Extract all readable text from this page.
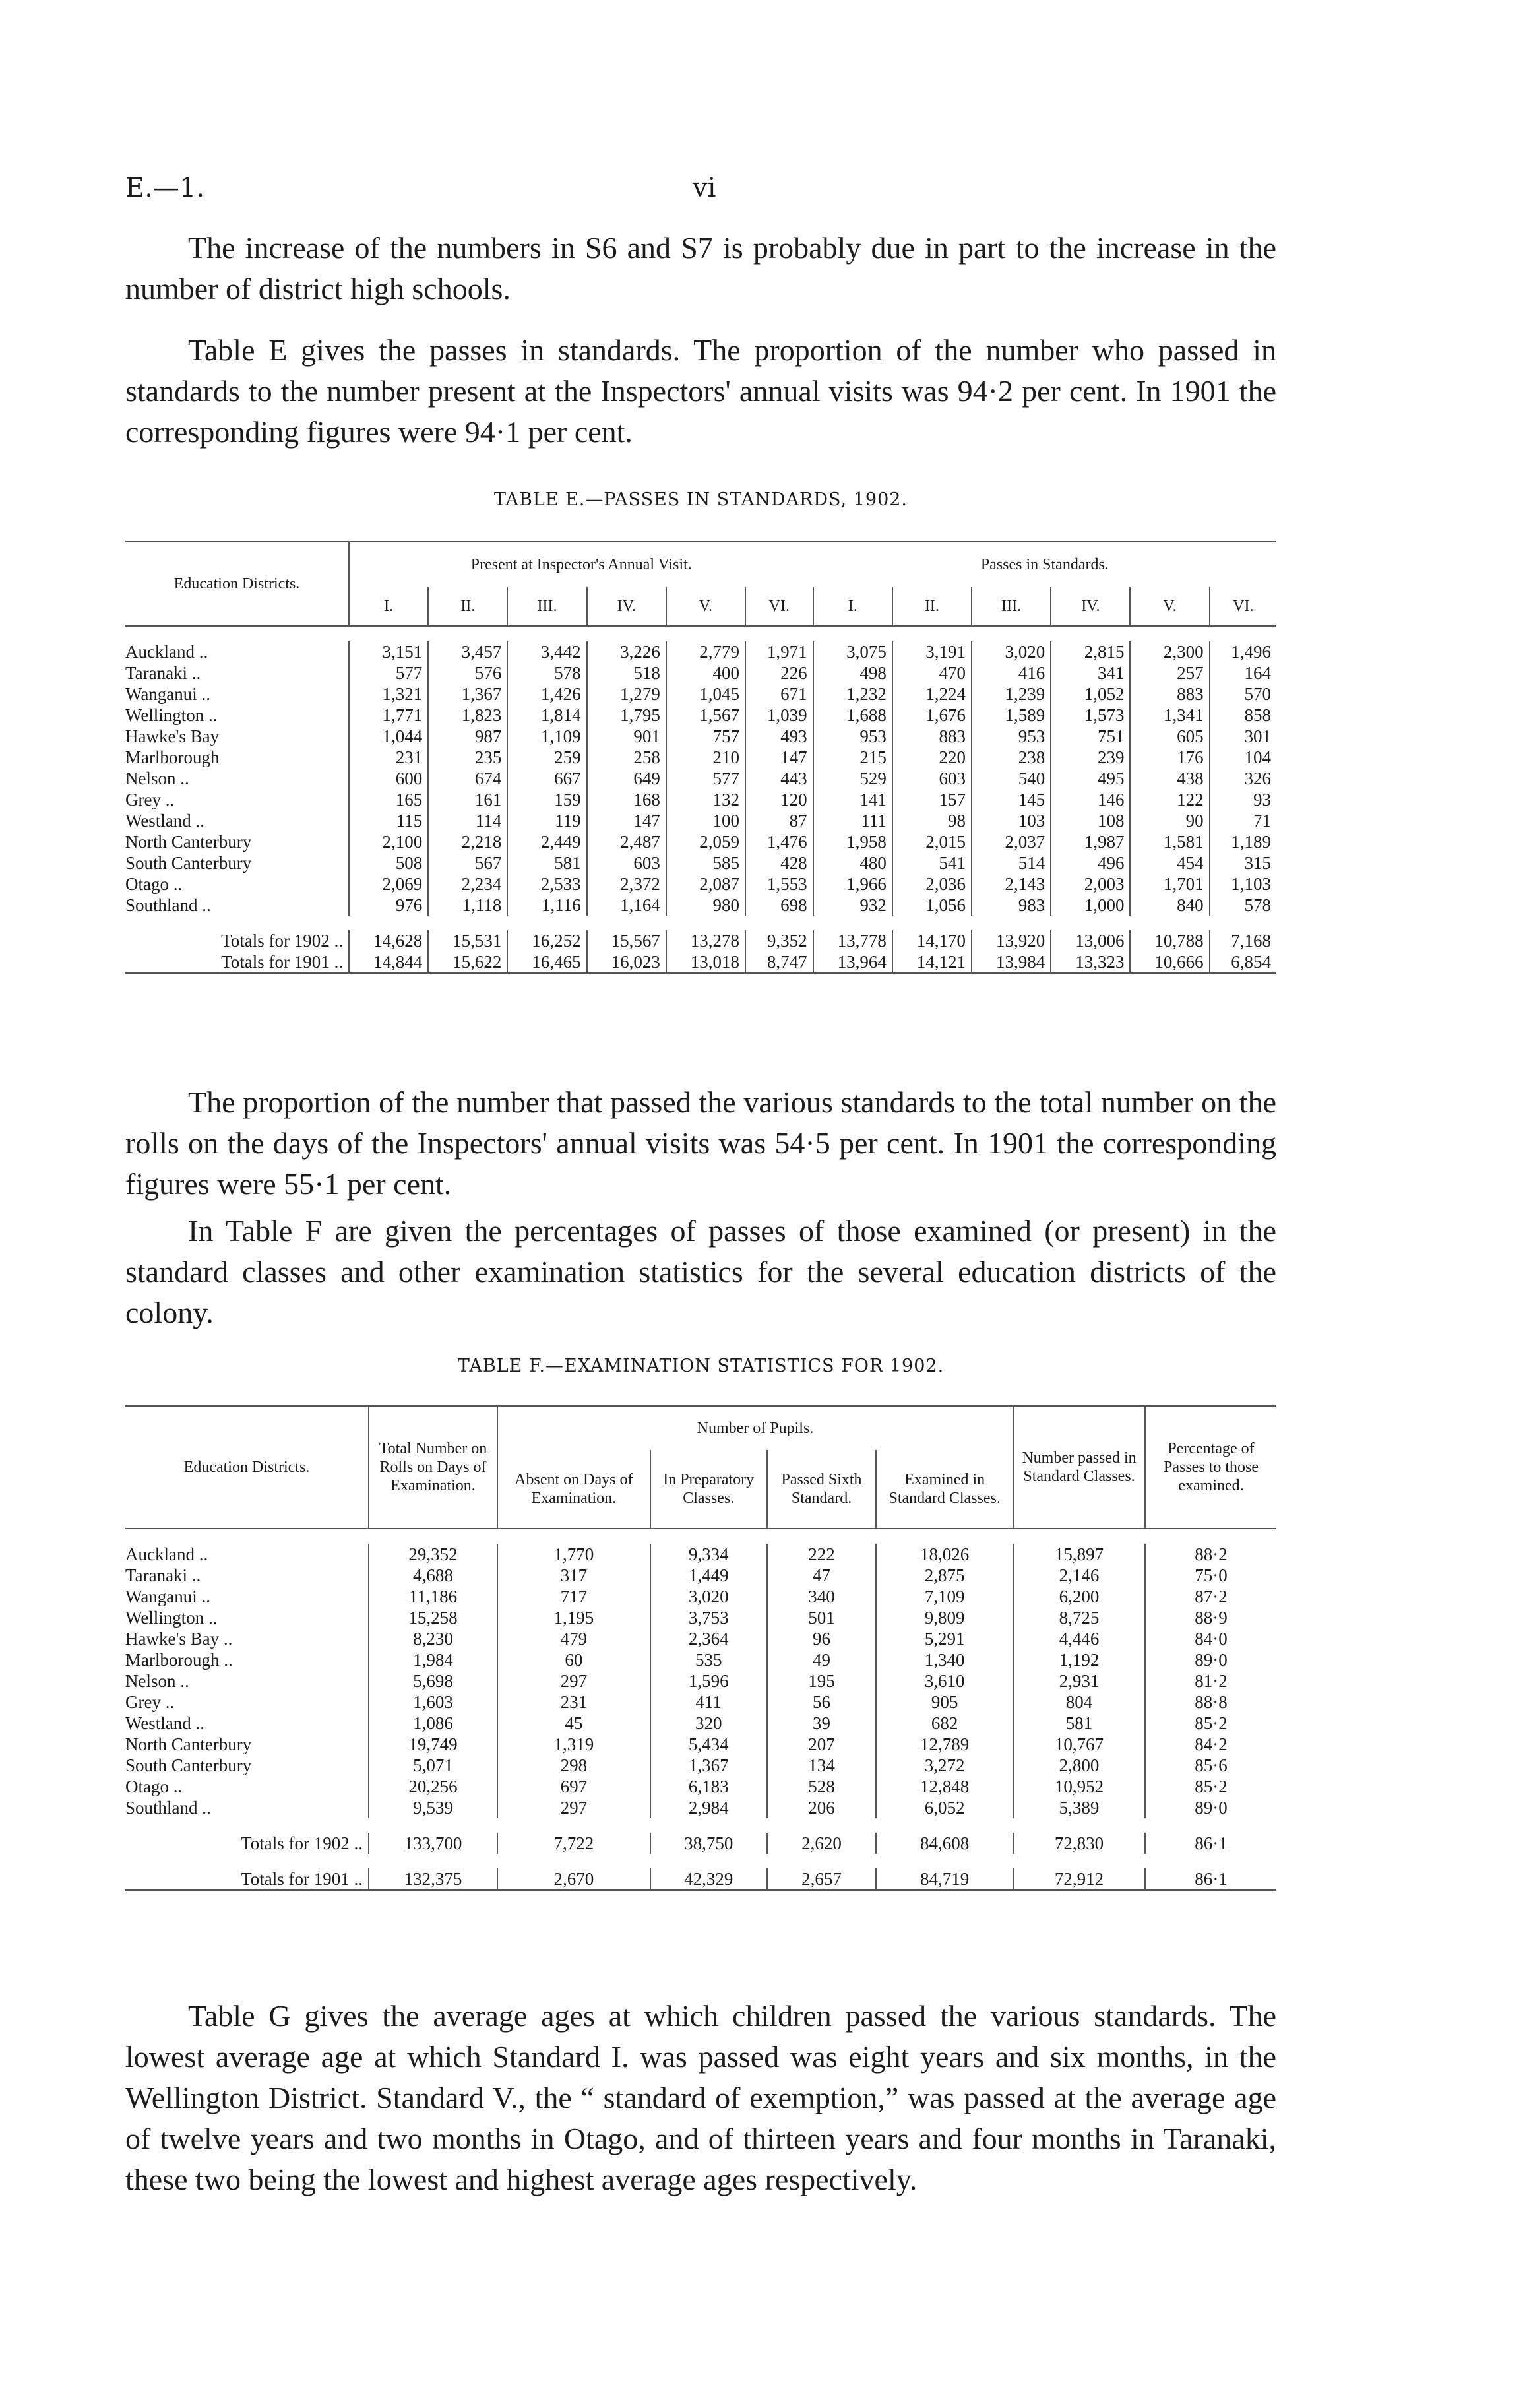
E.—1.	vi
The increase of the numbers in S6 and S7 is probably due in part to the increase in the number of district high schools.
Table E gives the passes in standards. The proportion of the number who passed in standards to the number present at the Inspectors' annual visits was 94·2 per cent. In 1901 the corresponding figures were 94·1 per cent.
TABLE E.—PASSES IN STANDARDS, 1902.
Education Districts.	Present at Inspector's Annual Visit.						Passes in Standards.					
	I.	II.	III.	IV.	V.	VI.	I.	II.	III.	IV.	V.	VI.

Auckland ..	3,151	3,457	3,442	3,226	2,779	1,971	3,075	3,191	3,020	2,815	2,300	1,496
Taranaki ..	577	576	578	518	400	226	498	470	416	341	257	164
Wanganui ..	1,321	1,367	1,426	1,279	1,045	671	1,232	1,224	1,239	1,052	883	570
Wellington ..	1,771	1,823	1,814	1,795	1,567	1,039	1,688	1,676	1,589	1,573	1,341	858
Hawke's Bay	1,044	987	1,109	901	757	493	953	883	953	751	605	301
Marlborough	231	235	259	258	210	147	215	220	238	239	176	104
Nelson ..	600	674	667	649	577	443	529	603	540	495	438	326
Grey ..	165	161	159	168	132	120	141	157	145	146	122	93
Westland ..	115	114	119	147	100	87	111	98	103	108	90	71
North Canterbury	2,100	2,218	2,449	2,487	2,059	1,476	1,958	2,015	2,037	1,987	1,581	1,189
South Canterbury	508	567	581	603	585	428	480	541	514	496	454	315
Otago ..	2,069	2,234	2,533	2,372	2,087	1,553	1,966	2,036	2,143	2,003	1,701	1,103
Southland ..	976	1,118	1,116	1,164	980	698	932	1,056	983	1,000	840	578

Totals for 1902 ..	14,628	15,531	16,252	15,567	13,278	9,352	13,778	14,170	13,920	13,006	10,788	7,168
Totals for 1901 ..	14,844	15,622	16,465	16,023	13,018	8,747	13,964	14,121	13,984	13,323	10,666	6,854
The proportion of the number that passed the various standards to the total number on the rolls on the days of the Inspectors' annual visits was 54·5 per cent. In 1901 the corresponding figures were 55·1 per cent.
In Table F are given the percentages of passes of those examined (or present) in the standard classes and other examination statistics for the several education districts of the colony.
TABLE F.—EXAMINATION STATISTICS FOR 1902.
Education Districts.	Total Number on Rolls on Days of Examination.	Number of Pupils.				Number passed in Standard Classes.	Percentage of Passes to those examined.
		Absent on Days of Examination.	In Preparatory Classes.	Passed Sixth Standard.	Examined in Standard Classes.		

Auckland ..	29,352	1,770	9,334	222	18,026	15,897	88·2
Taranaki ..	4,688	317	1,449	47	2,875	2,146	75·0
Wanganui ..	11,186	717	3,020	340	7,109	6,200	87·2
Wellington ..	15,258	1,195	3,753	501	9,809	8,725	88·9
Hawke's Bay ..	8,230	479	2,364	96	5,291	4,446	84·0
Marlborough ..	1,984	60	535	49	1,340	1,192	89·0
Nelson ..	5,698	297	1,596	195	3,610	2,931	81·2
Grey ..	1,603	231	411	56	905	804	88·8
Westland ..	1,086	45	320	39	682	581	85·2
North Canterbury	19,749	1,319	5,434	207	12,789	10,767	84·2
South Canterbury	5,071	298	1,367	134	3,272	2,800	85·6
Otago ..	20,256	697	6,183	528	12,848	10,952	85·2
Southland ..	9,539	297	2,984	206	6,052	5,389	89·0

Totals for 1902 ..	133,700	7,722	38,750	2,620	84,608	72,830	86·1

Totals for 1901 ..	132,375	2,670	42,329	2,657	84,719	72,912	86·1
Table G gives the average ages at which children passed the various standards. The lowest average age at which Standard I. was passed was eight years and six months, in the Wellington District. Standard V., the “ standard of exemption,” was passed at the average age of twelve years and two months in Otago, and of thirteen years and four months in Taranaki, these two being the lowest and highest average ages respectively.
